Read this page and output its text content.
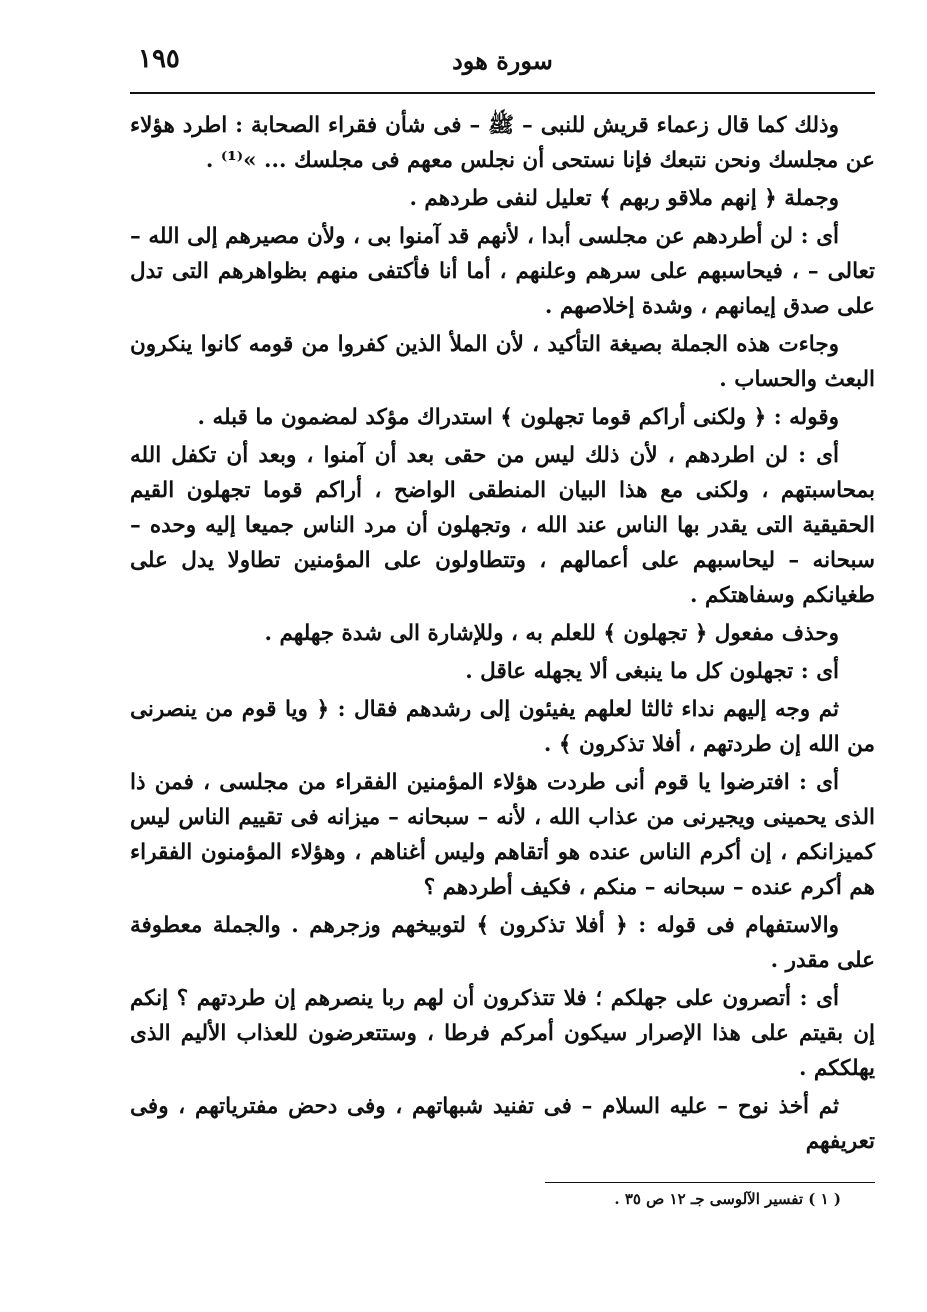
١٩٥	سورة هود

وذلك كما قال زعماء قريش للنبى – ﷺ – فى شأن فقراء الصحابة : اطرد هؤلاء عن مجلسك ونحن نتبعك فإنا نستحى أن نجلس معهم فى مجلسك ... »⁽¹⁾ .

وجملة ﴿ إنهم ملاقو ربهم ﴾ تعليل لنفى طردهم .

أى : لن أطردهم عن مجلسى أبدا ، لأنهم قد آمنوا بى ، ولأن مصيرهم إلى الله – تعالى – ، فيحاسبهم على سرهم وعلنهم ، أما أنا فأكتفى منهم بظواهرهم التى تدل على صدق إيمانهم ، وشدة إخلاصهم .

وجاءت هذه الجملة بصيغة التأكيد ، لأن الملأ الذين كفروا من قومه كانوا ينكرون البعث والحساب .

وقوله : ﴿ ولكنى أراكم قوما تجهلون ﴾ استدراك مؤكد لمضمون ما قبله .

أى : لن اطردهم ، لأن ذلك ليس من حقى بعد أن آمنوا ، وبعد أن تكفل الله بمحاسبتهم ، ولكنى مع هذا البيان المنطقى الواضح ، أراكم قوما تجهلون القيم الحقيقية التى يقدر بها الناس عند الله ، وتجهلون أن مرد الناس جميعا إليه وحده – سبحانه – ليحاسبهم على أعمالهم ، وتتطاولون على المؤمنين تطاولا يدل على طغيانكم وسفاهتكم .

وحذف مفعول ﴿ تجهلون ﴾ للعلم به ، وللإشارة الى شدة جهلهم .

أى : تجهلون كل ما ينبغى ألا يجهله عاقل .

ثم وجه إليهم نداء ثالثا لعلهم يفيئون إلى رشدهم فقال : ﴿ ويا قوم من ينصرنى من الله إن طردتهم ، أفلا تذكرون ﴾ .

أى : افترضوا يا قوم أنى طردت هؤلاء المؤمنين الفقراء من مجلسى ، فمن ذا الذى يحمينى ويجيرنى من عذاب الله ، لأنه – سبحانه – ميزانه فى تقييم الناس ليس كميزانكم ، إن أكرم الناس عنده هو أتقاهم وليس أغناهم ، وهؤلاء المؤمنون الفقراء هم أكرم عنده – سبحانه – منكم ، فكيف أطردهم ؟

والاستفهام فى قوله : ﴿ أفلا تذكرون ﴾ لتوبيخهم وزجرهم . والجملة معطوفة على مقدر .

أى : أتصرون على جهلكم ؛ فلا تتذكرون أن لهم ربا ينصرهم إن طردتهم ؟ إنكم إن بقيتم على هذا الإصرار سيكون أمركم فرطا ، وستتعرضون للعذاب الأليم الذى يهلككم .

ثم أخذ نوح – عليه السلام – فى تفنيد شبهاتهم ، وفى دحض مفترياتهم ، وفى تعريفهم

( ١ ) تفسير الآلوسى جـ ١٢ ص ٣٥ .
